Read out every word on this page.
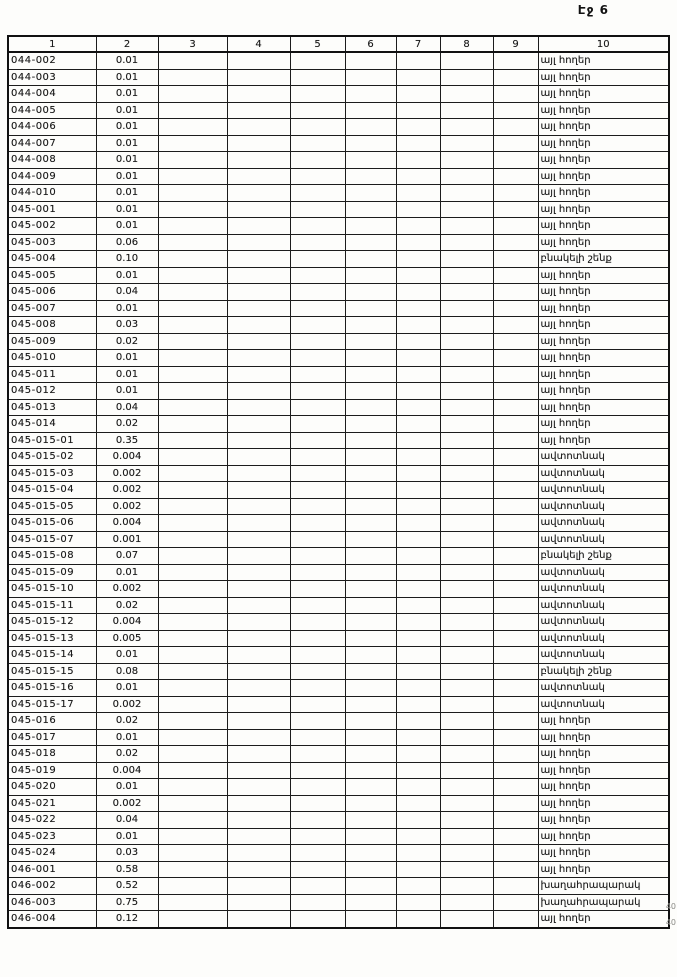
Էջ 6
1	2	3	4	5	6	7	8	9	10
044-002	0.01								այլ հողեր
044-003	0.01								այլ հողեր
044-004	0.01								այլ հողեր
044-005	0.01								այլ հողեր
044-006	0.01								այլ հողեր
044-007	0.01								այլ հողեր
044-008	0.01								այլ հողեր
044-009	0.01								այլ հողեր
044-010	0.01								այլ հողեր
045-001	0.01								այլ հողեր
045-002	0.01								այլ հողեր
045-003	0.06								այլ հողեր
045-004	0.10								բնակելի շենք
045-005	0.01								այլ հողեր
045-006	0.04								այլ հողեր
045-007	0.01								այլ հողեր
045-008	0.03								այլ հողեր
045-009	0.02								այլ հողեր
045-010	0.01								այլ հողեր
045-011	0.01								այլ հողեր
045-012	0.01								այլ հողեր
045-013	0.04								այլ հողեր
045-014	0.02								այլ հողեր
045-015-01	0.35								այլ հողեր
045-015-02	0.004								ավտոտնակ
045-015-03	0.002								ավտոտնակ
045-015-04	0.002								ավտոտնակ
045-015-05	0.002								ավտոտնակ
045-015-06	0.004								ավտոտնակ
045-015-07	0.001								ավտոտնակ
045-015-08	0.07								բնակելի շենք
045-015-09	0.01								ավտոտնակ
045-015-10	0.002								ավտոտնակ
045-015-11	0.02								ավտոտնակ
045-015-12	0.004								ավտոտնակ
045-015-13	0.005								ավտոտնակ
045-015-14	0.01								ավտոտնակ
045-015-15	0.08								բնակելի շենք
045-015-16	0.01								ավտոտնակ
045-015-17	0.002								ավտոտնակ
045-016	0.02								այլ հողեր
045-017	0.01								այլ հողեր
045-018	0.02								այլ հողեր
045-019	0.004								այլ հողեր
045-020	0.01								այլ հողեր
045-021	0.002								այլ հողեր
045-022	0.04								այլ հողեր
045-023	0.01								այլ հողեր
045-024	0.03								այլ հողեր
046-001	0.58								այլ հողեր
046-002	0.52								խաղահրապարակ
046-003	0.75								խաղահրապարակ
046-004	0.12								այլ հողեր
40
40
